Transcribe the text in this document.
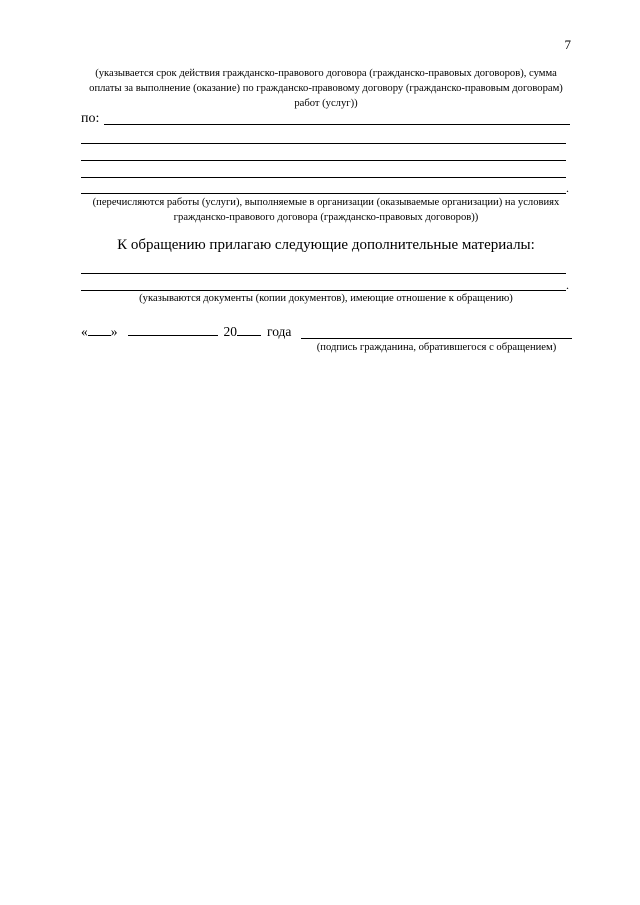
7
(указывается срок действия гражданско-правового договора (гражданско-правовых договоров), сумма оплаты за выполнение (оказание) по гражданско-правовому договору (гражданско-правовым договорам) работ (услуг))
по:
.
(перечисляются работы (услуги), выполняемые в организации (оказываемые организации) на условиях гражданско-правового договора (гражданско-правовых договоров))
К обращению прилагаю следующие дополнительные материалы:
.
(указываются документы (копии документов), имеющие отношение к обращению)
« »	20 года
(подпись гражданина, обратившегося с обращением)
